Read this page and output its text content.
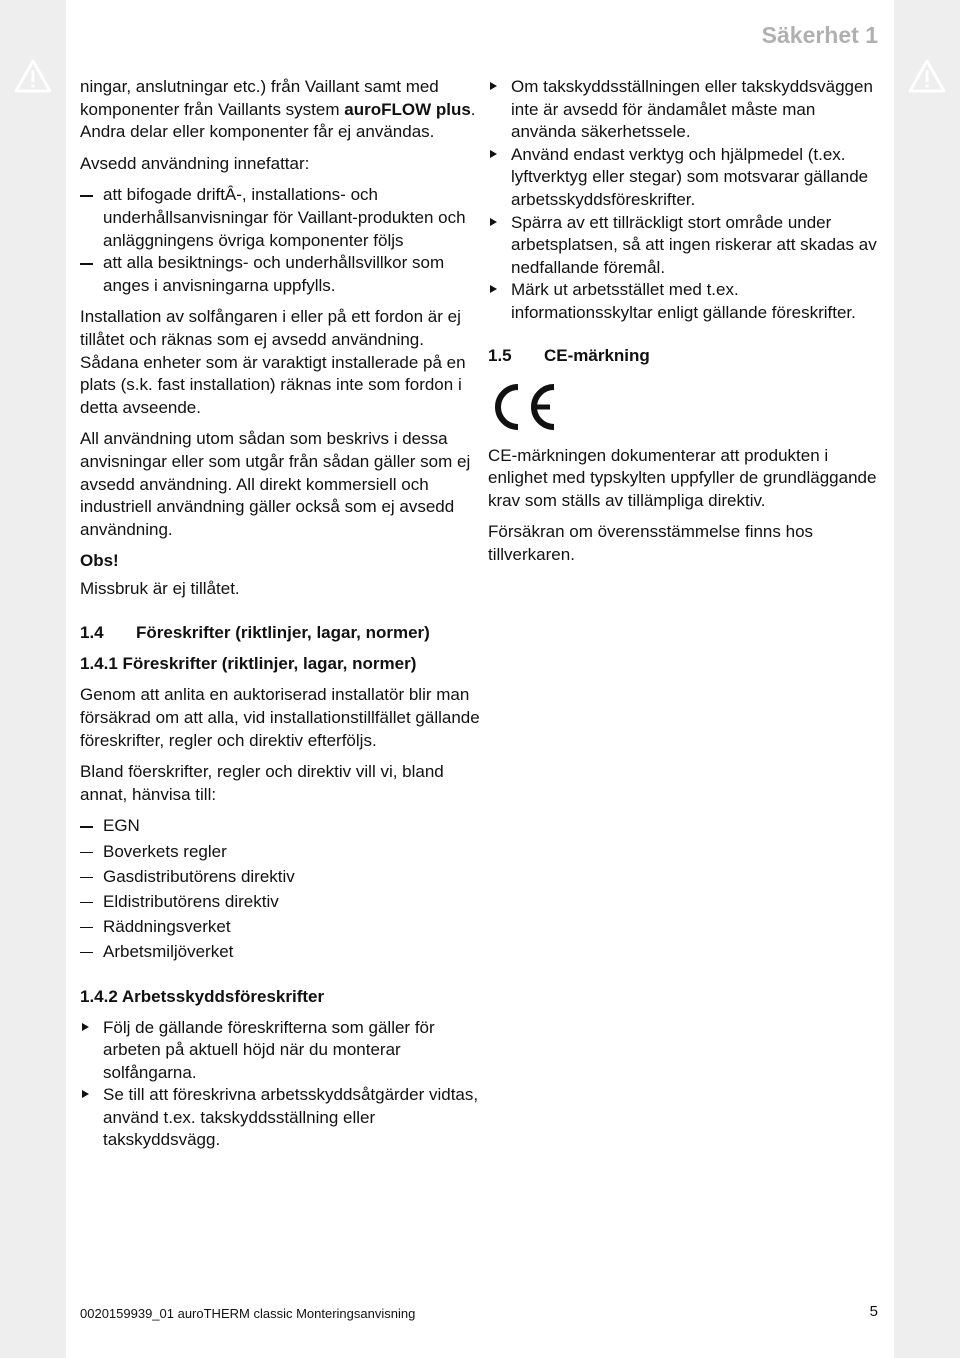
Säkerhet 1

ningar, anslutningar etc.) från Vaillant samt med komponenter från Vaillants system auroFLOW plus. Andra delar eller komponenter får ej användas.

Avsedd användning innefattar:

att bifogade driftÂ-, installations- och underhållsanvisningar för Vaillant-produkten och anläggningens övriga komponenter följs
att alla besiktnings- och underhållsvillkor som anges i anvisningarna uppfylls.

Installation av solfångaren i eller på ett fordon är ej tillåtet och räknas som ej avsedd användning. Sådana enheter som är varaktigt installerade på en plats (s.k. fast installation) räknas inte som fordon i detta avseende.

All användning utom sådan som beskrivs i dessa anvisningar eller som utgår från sådan gäller som ej avsedd användning. All direkt kommersiell och industriell användning gäller också som ej avsedd användning.

Obs!

Missbruk är ej tillåtet.

1.4	Föreskrifter (riktlinjer, lagar, normer)
1.4.1 Föreskrifter (riktlinjer, lagar, normer)

Genom att anlita en auktoriserad installatör blir man försäkrad om att alla, vid installationstillfället gällande föreskrifter, regler och direktiv efterföljs.

Bland föerskrifter, regler och direktiv vill vi, bland annat, hänvisa till:

EGN
Boverkets regler
Gasdistributörens direktiv
Eldistributörens direktiv
Räddningsverket
Arbetsmiljöverket
1.4.2 Arbetsskyddsföreskrifter
Följ de gällande föreskrifterna som gäller för arbeten på aktuell höjd när du monterar solfångarna.
Se till att föreskrivna arbetsskyddsåtgärder vidtas, använd t.ex. takskyddsställning eller takskyddsvägg.
Om takskyddsställningen eller takskyddsväggen inte är avsedd för ändamålet måste man använda säkerhetssele.
Använd endast verktyg och hjälpmedel (t.ex. lyftverktyg eller stegar) som motsvarar gällande arbetsskyddsföreskrifter.
Spärra av ett tillräckligt stort område under arbetsplatsen, så att ingen riskerar att skadas av nedfallande föremål.
Märk ut arbetsstället med t.ex. informationsskyltar enligt gällande föreskrifter.
1.5	CE-märkning

CE-märkningen dokumenterar att produkten i enlighet med typskylten uppfyller de grundläggande krav som ställs av tillämpliga direktiv.

Försäkran om överensstämmelse finns hos tillverkaren.

0020159939_01 auroTHERM classic Monteringsanvisning	5
